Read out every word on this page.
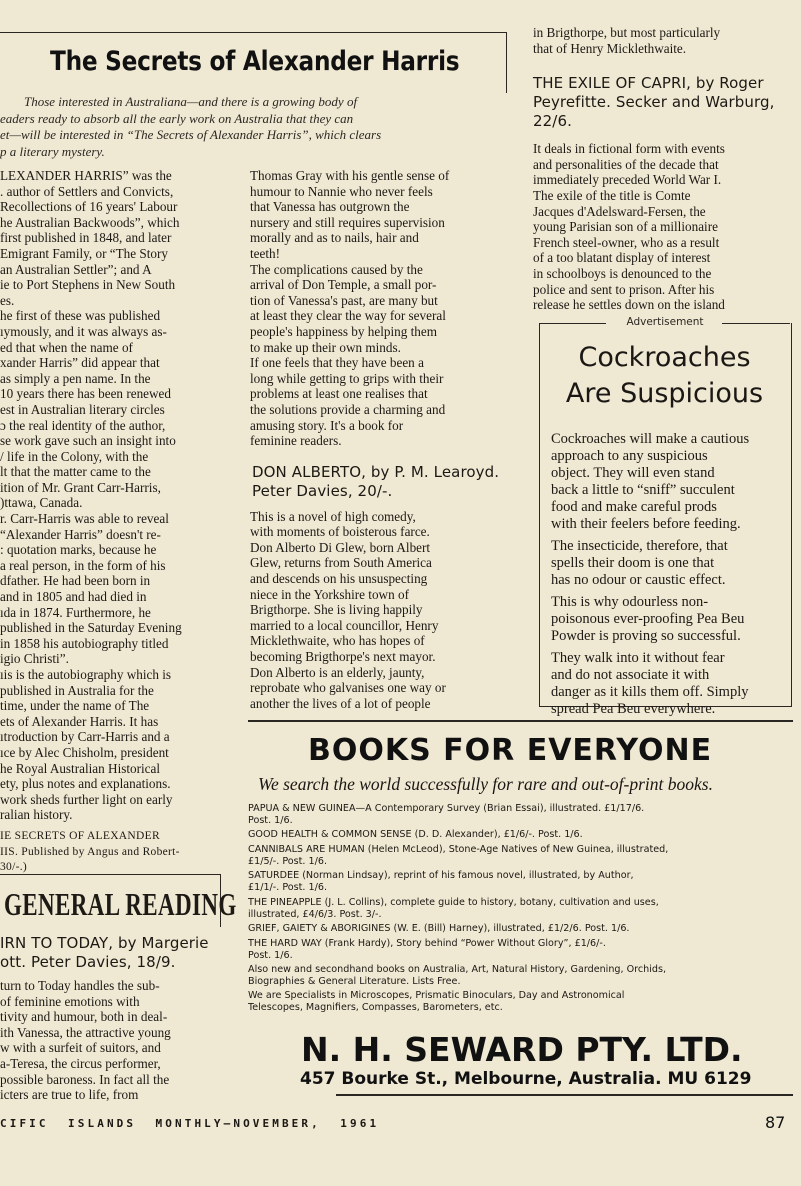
The Secrets of Alexander Harris

Those interested in Australiana—and there is a growing body of

eaders ready to absorb all the early work on Australia that they can

et—will be interested in “The Secrets of Alexander Harris”, which clears

p a literary mystery.

LEXANDER HARRIS” was the
. author of Settlers and Convicts,
Recollections of 16 years' Labour
he Australian Backwoods”, which
first published in 1848, and later
Emigrant Family, or “The Story
an Australian Settler”; and A
ie to Port Stephens in New South
es.
he first of these was published
ıymously, and it was always as-
ed that when the name of
xander Harris” did appear that
as simply a pen name. In the
10 years there has been renewed
est in Australian literary circles
ɔ the real identity of the author,
se work gave such an insight into
/ life in the Colony, with the
lt that the matter came to the
ition of Mr. Grant Carr-Harris,
)ttawa, Canada.
r. Carr-Harris was able to reveal
“Alexander Harris” doesn't re-
: quotation marks, because he
a real person, in the form of his
dfather. He had been born in
and in 1805 and had died in
ıda in 1874. Furthermore, he
published in the Saturday Evening
in 1858 his autobiography titled
igio Christi”.
ıis is the autobiography which is
published in Australia for the
time, under the name of The
ets of Alexander Harris. It has
ıtroduction by Carr-Harris and a
ıce by Alec Chisholm, president
he Royal Australian Historical
ety, plus notes and explanations.
work sheds further light on early
ralian history.
IE SECRETS OF ALEXANDER
IIS. Published by Angus and Robert-
30/-.)
Thomas Gray with his gentle sense of
humour to Nannie who never feels
that Vanessa has outgrown the
nursery and still requires supervision
morally and as to nails, hair and
teeth!
The complications caused by the
arrival of Don Temple, a small por-
tion of Vanessa's past, are many but
at least they clear the way for several
people's happiness by helping them
to make up their own minds.
If one feels that they have been a
long while getting to grips with their
problems at least one realises that
the solutions provide a charming and
amusing story. It's a book for
feminine readers.
DON ALBERTO, by P. M. Learoyd.
Peter Davies, 20/-.
This is a novel of high comedy,
with moments of boisterous farce.
Don Alberto Di Glew, born Albert
Glew, returns from South America
and descends on his unsuspecting
niece in the Yorkshire town of
Brigthorpe. She is living happily
married to a local councillor, Henry
Micklethwaite, who has hopes of
becoming Brigthorpe's next mayor.
Don Alberto is an elderly, jaunty,
reprobate who galvanises one way or
another the lives of a lot of people
in Brigthorpe, but most particularly
that of Henry Micklethwaite.
THE EXILE OF CAPRI, by Roger
Peyrefitte. Secker and Warburg,
22/6.
It deals in fictional form with events
and personalities of the decade that
immediately preceded World War I.
The exile of the title is Comte
Jacques d'Adelsward-Fersen, the
young Parisian son of a millionaire
French steel-owner, who as a result
of a too blatant display of interest
in schoolboys is denounced to the
police and sent to prison. After his
release he settles down on the island
GENERAL READING
IRN TO TODAY, by Margerie
ott. Peter Davies, 18/9.
turn to Today handles the sub-
of feminine emotions with
tivity and humour, both in deal-
ith Vanessa, the attractive young
w with a surfeit of suitors, and
a-Teresa, the circus performer,
possible baroness. In fact all the
icters are true to life, from
Advertisement
Cockroaches
Are Suspicious

Cockroaches will make a cautious
approach to any suspicious
object. They will even stand
back a little to “sniff” succulent
food and make careful prods
with their feelers before feeding.

The insecticide, therefore, that
spells their doom is one that
has no odour or caustic effect.

This is why odourless non-
poisonous ever-proofing Pea Beu
Powder is proving so successful.

They walk into it without fear
and do not associate it with
danger as it kills them off. Simply
spread Pea Beu everywhere.

BOOKS FOR EVERYONE
We search the world successfully for rare and out-of-print books.

PAPUA & NEW GUINEA—A Contemporary Survey (Brian Essai), illustrated. £1/17/6.
Post. 1/6.

GOOD HEALTH & COMMON SENSE (D. D. Alexander), £1/6/-. Post. 1/6.

CANNIBALS ARE HUMAN (Helen McLeod), Stone-Age Natives of New Guinea, illustrated,
£1/5/-. Post. 1/6.

SATURDEE (Norman Lindsay), reprint of his famous novel, illustrated, by Author,
£1/1/-. Post. 1/6.

THE PINEAPPLE (J. L. Collins), complete guide to history, botany, cultivation and uses,
illustrated, £4/6/3. Post. 3/-.

GRIEF, GAIETY & ABORIGINES (W. E. (Bill) Harney), illustrated, £1/2/6. Post. 1/6.

THE HARD WAY (Frank Hardy), Story behind “Power Without Glory”, £1/6/-.
Post. 1/6.

Also new and secondhand books on Australia, Art, Natural History, Gardening, Orchids,
Biographies & General Literature. Lists Free.

We are Specialists in Microscopes, Prismatic Binoculars, Day and Astronomical
Telescopes, Magnifiers, Compasses, Barometers, etc.

N. H. SEWARD PTY. LTD.
457 Bourke St., Melbourne, Australia. MU 6129
CIFIC  ISLANDS  MONTHLY—NOVEMBER,  1961	87
